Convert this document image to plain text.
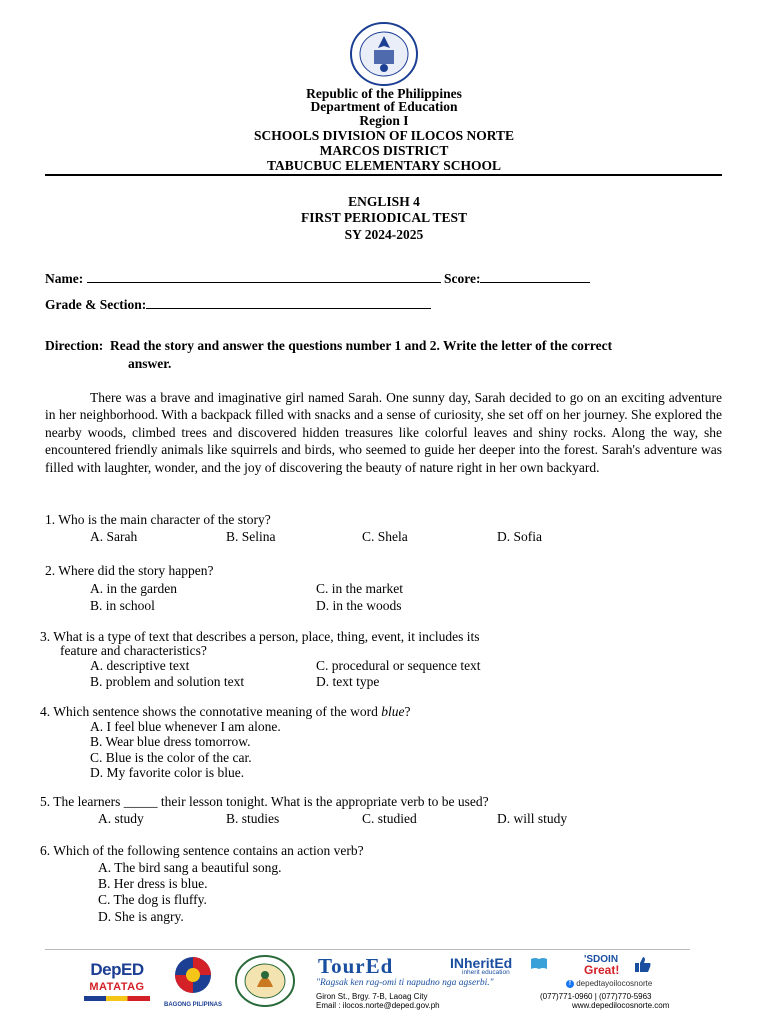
Republic of the Philippines
Department of Education
Region I
SCHOOLS DIVISION OF ILOCOS NORTE
MARCOS DISTRICT
TABUCBUC ELEMENTARY SCHOOL
ENGLISH 4
FIRST PERIODICAL TEST
SY 2024-2025
Name:	Score:
Grade & Section:
Direction: Read the story and answer the questions number 1 and 2. Write the letter of the correct
answer.
There was a brave and imaginative girl named Sarah. One sunny day, Sarah decided to go on an exciting adventure in her neighborhood. With a backpack filled with snacks and a sense of curiosity, she set off on her journey. She explored the nearby woods, climbed trees and discovered hidden treasures like colorful leaves and shiny rocks. Along the way, she encountered friendly animals like squirrels and birds, who seemed to guide her deeper into the forest. Sarah's adventure was filled with laughter, wonder, and the joy of discovering the beauty of nature right in her own backyard.
1. Who is the main character of the story?
A. Sarah	B. Selina	C. Shela	D. Sofia
2. Where did the story happen?
A. in the garden	C. in the market
B. in school	D. in the woods
3. What is a type of text that describes a person, place, thing, event, it includes its
feature and characteristics?
A. descriptive text	C. procedural or sequence text
B. problem and solution text	D. text type
4. Which sentence shows the connotative meaning of the word blue?
A. I feel blue whenever I am alone.
B. Wear blue dress tomorrow.
C. Blue is the color of the car.
D. My favorite color is blue.
5. The learners _____ their lesson tonight. What is the appropriate verb to be used?
A. study	B. studies	C. studied	D. will study
6. Which of the following sentence contains an action verb?
A. The bird sang a beautiful song.
B. Her dress is blue.
C. The dog is fluffy.
D. She is angry.
DepED
MATATAG
BAGONG PILIPINAS
TourEd
"Ragsak ken rag-omi ti napudno nga agserbi."
INheritEd
inherit education
'SDOIN
Great!
f depedtayoilocosnorte
Giron St., Brgy. 7-B, Laoag City
Email : ilocos.norte@deped.gov.ph
(077)771-0960 | (077)770-5963
www.depedilocosnorte.com
